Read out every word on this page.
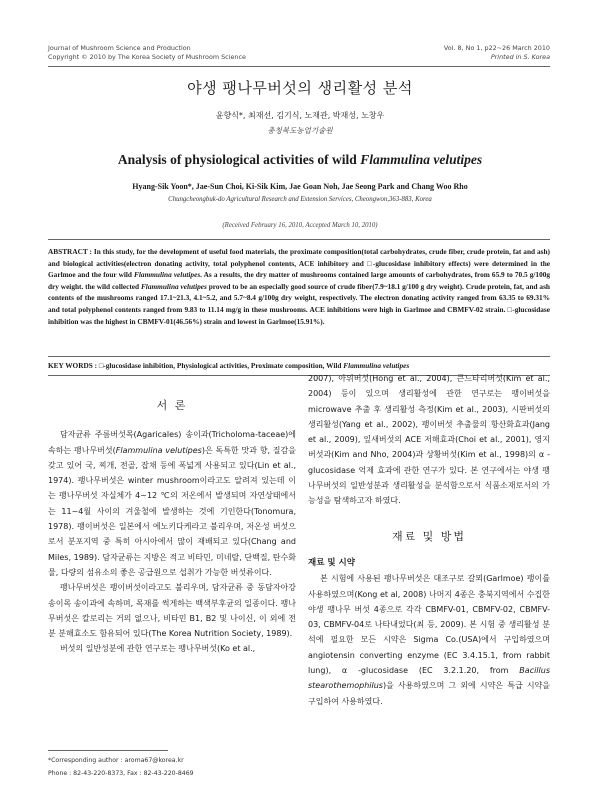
Journal of Mushroom Science and Production
Copyright © 2010 by The Korea Society of Mushroom Science
Vol. 8, No 1, p22~26 March 2010
Printed in S. Korea
야생 팽나무버섯의 생리활성 분석
윤향식*, 최재선, 김기식, 노재관, 박재성, 노창우
충청북도농업기술원
Analysis of physiological activities of wild Flammulina velutipes
Hyang-Sik Yoon*, Jae-Sun Choi, Ki-Sik Kim, Jae Goan Noh, Jae Seong Park and Chang Woo Rho
Chungcheongbuk-do Agricultural Research and Extension Services, Cheongwon,363-883, Korea
(Received February 16, 2010, Accepted March 10, 2010)
ABSTRACT : In this study, for the development of useful food materials, the proximate composition(total carbohydrates, crude fiber, crude protein, fat and ash) and biological activities(electron donating activity, total polyphenol contents, ACE inhibitory and □-glucosidase inhibitory effects) were determined in the Garlmoe and the four wild Flammulina velutipes. As a results, the dry matter of mushrooms contained large amounts of carbohydrates, from 65.9 to 70.5 g/100g dry weight. the wild collected Flammulina velutipes proved to be an especially good source of crude fiber(7.9~18.1 g/100 g dry weight). Crude protein, fat, and ash contents of the mushrooms ranged 17.1~21.3, 4.1~5.2, and 5.7~8.4 g/100g dry weight, respectively. The electron donating activity ranged from 63.35 to 69.31% and total polyphenol contents ranged from 9.83 to 11.14 mg/g in these mushrooms. ACE inhibitions were high in Garlmoe and CBMFV-02 strain. □-glucosidase inhibition was the highest in CBMFV-01(46.56%) strain and lowest in Garlmoe(15.91%).
KEY WORDS : □-glucosidase inhibition, Physiological activities, Proximate composition, Wild Flammulina velutipes

서 론

담자균류 주름버섯목(Agaricales) 송이과(Tricholoma-taceae)에 속하는 팽나무버섯(Flammulina velutipes)은 독특한 맛과 향, 질감을 갖고 있어 국, 찌개, 전골, 잡채 등에 폭넓게 사용되고 있다(Lin et al., 1974). 팽나무버섯은 winter mushroom이라고도 알려져 있는데 이는 팽나무버섯 자실체가 4~12 ℃의 저온에서 발생되며 자연상태에서는 11~4월 사이의 겨울철에 발생하는 것에 기인한다(Tonomura, 1978). 팽이버섯은 일본에서 에노키다케라고 불리우며, 저온성 버섯으로서 분포지역 중 특히 아시아에서 많이 재배되고 있다(Chang and Miles, 1989). 담자균류는 지방은 적고 비타민, 미네랄, 단백질, 탄수화물, 다량의 섬유소의 좋은 공급원으로 섭취가 가능한 버섯류이다.

팽나무버섯은 팽이버섯이라고도 불리우며, 담자균류 중 동담자아강 송이목 송이과에 속하며, 목재를 썩게하는 백색부후균의 일종이다. 팽나무버섯은 칼로리는 거의 없으나, 비타민 B1, B2 및 나이신, 이 외에 전분 분해효소도 함유되어 있다(The Korea Nutrition Society, 1989).

버섯의 일반성분에 관한 연구로는 팽나무버섯(Ko et al.,

2007), 아위버섯(Hong et al., 2004), 큰느타리버섯(Kim et al., 2004) 등이 있으며 생리활성에 관한 연구로는 팽이버섯을 microwave 추출 후 생리활성 측정(Kim et al., 2003), 시판버섯의 생리활성(Yang et al., 2002), 팽이버섯 추출물의 항산화효과(Jang et al., 2009), 잎새버섯의 ACE 저해효과(Choi et al., 2001), 영지버섯과(Kim and Nho, 2004)과 상황버섯(Kim et al., 1998)의 α -glucosidase 억제 효과에 관한 연구가 있다. 본 연구에서는 야생 팽나무버섯의 일반성분과 생리활성을 분석함으로서 식품소재로서의 가능성을 탐색하고자 하였다.

재료 및 방법

재료 및 시약

본 시험에 사용된 팽나무버섯은 대조구로 갈뫼(Garlmoe) 팽이를 사용하였으며(Kong et al, 2008) 나머지 4종은 충북지역에서 수집한 야생 팽나무 버섯 4종으로 각각 CBMFV-01, CBMFV-02, CBMFV-03, CBMFV-04로 나타내었다(최 등, 2009). 본 시험 중 생리활성 분석에 필요한 모든 시약은 Sigma Co.(USA)에서 구입하였으며 angiotensin converting enzyme (EC 3.4.15.1, from rabbit lung), α -glucosidase (EC 3.2.1.20, from Bacillus stearothemophilus)을 사용하였으며 그 외에 시약은 특급 시약을 구입하여 사용하였다.

*Corresponding author : aroma67@korea.kr
Phone : 82-43-220-8373, Fax : 82-43-220-8469
